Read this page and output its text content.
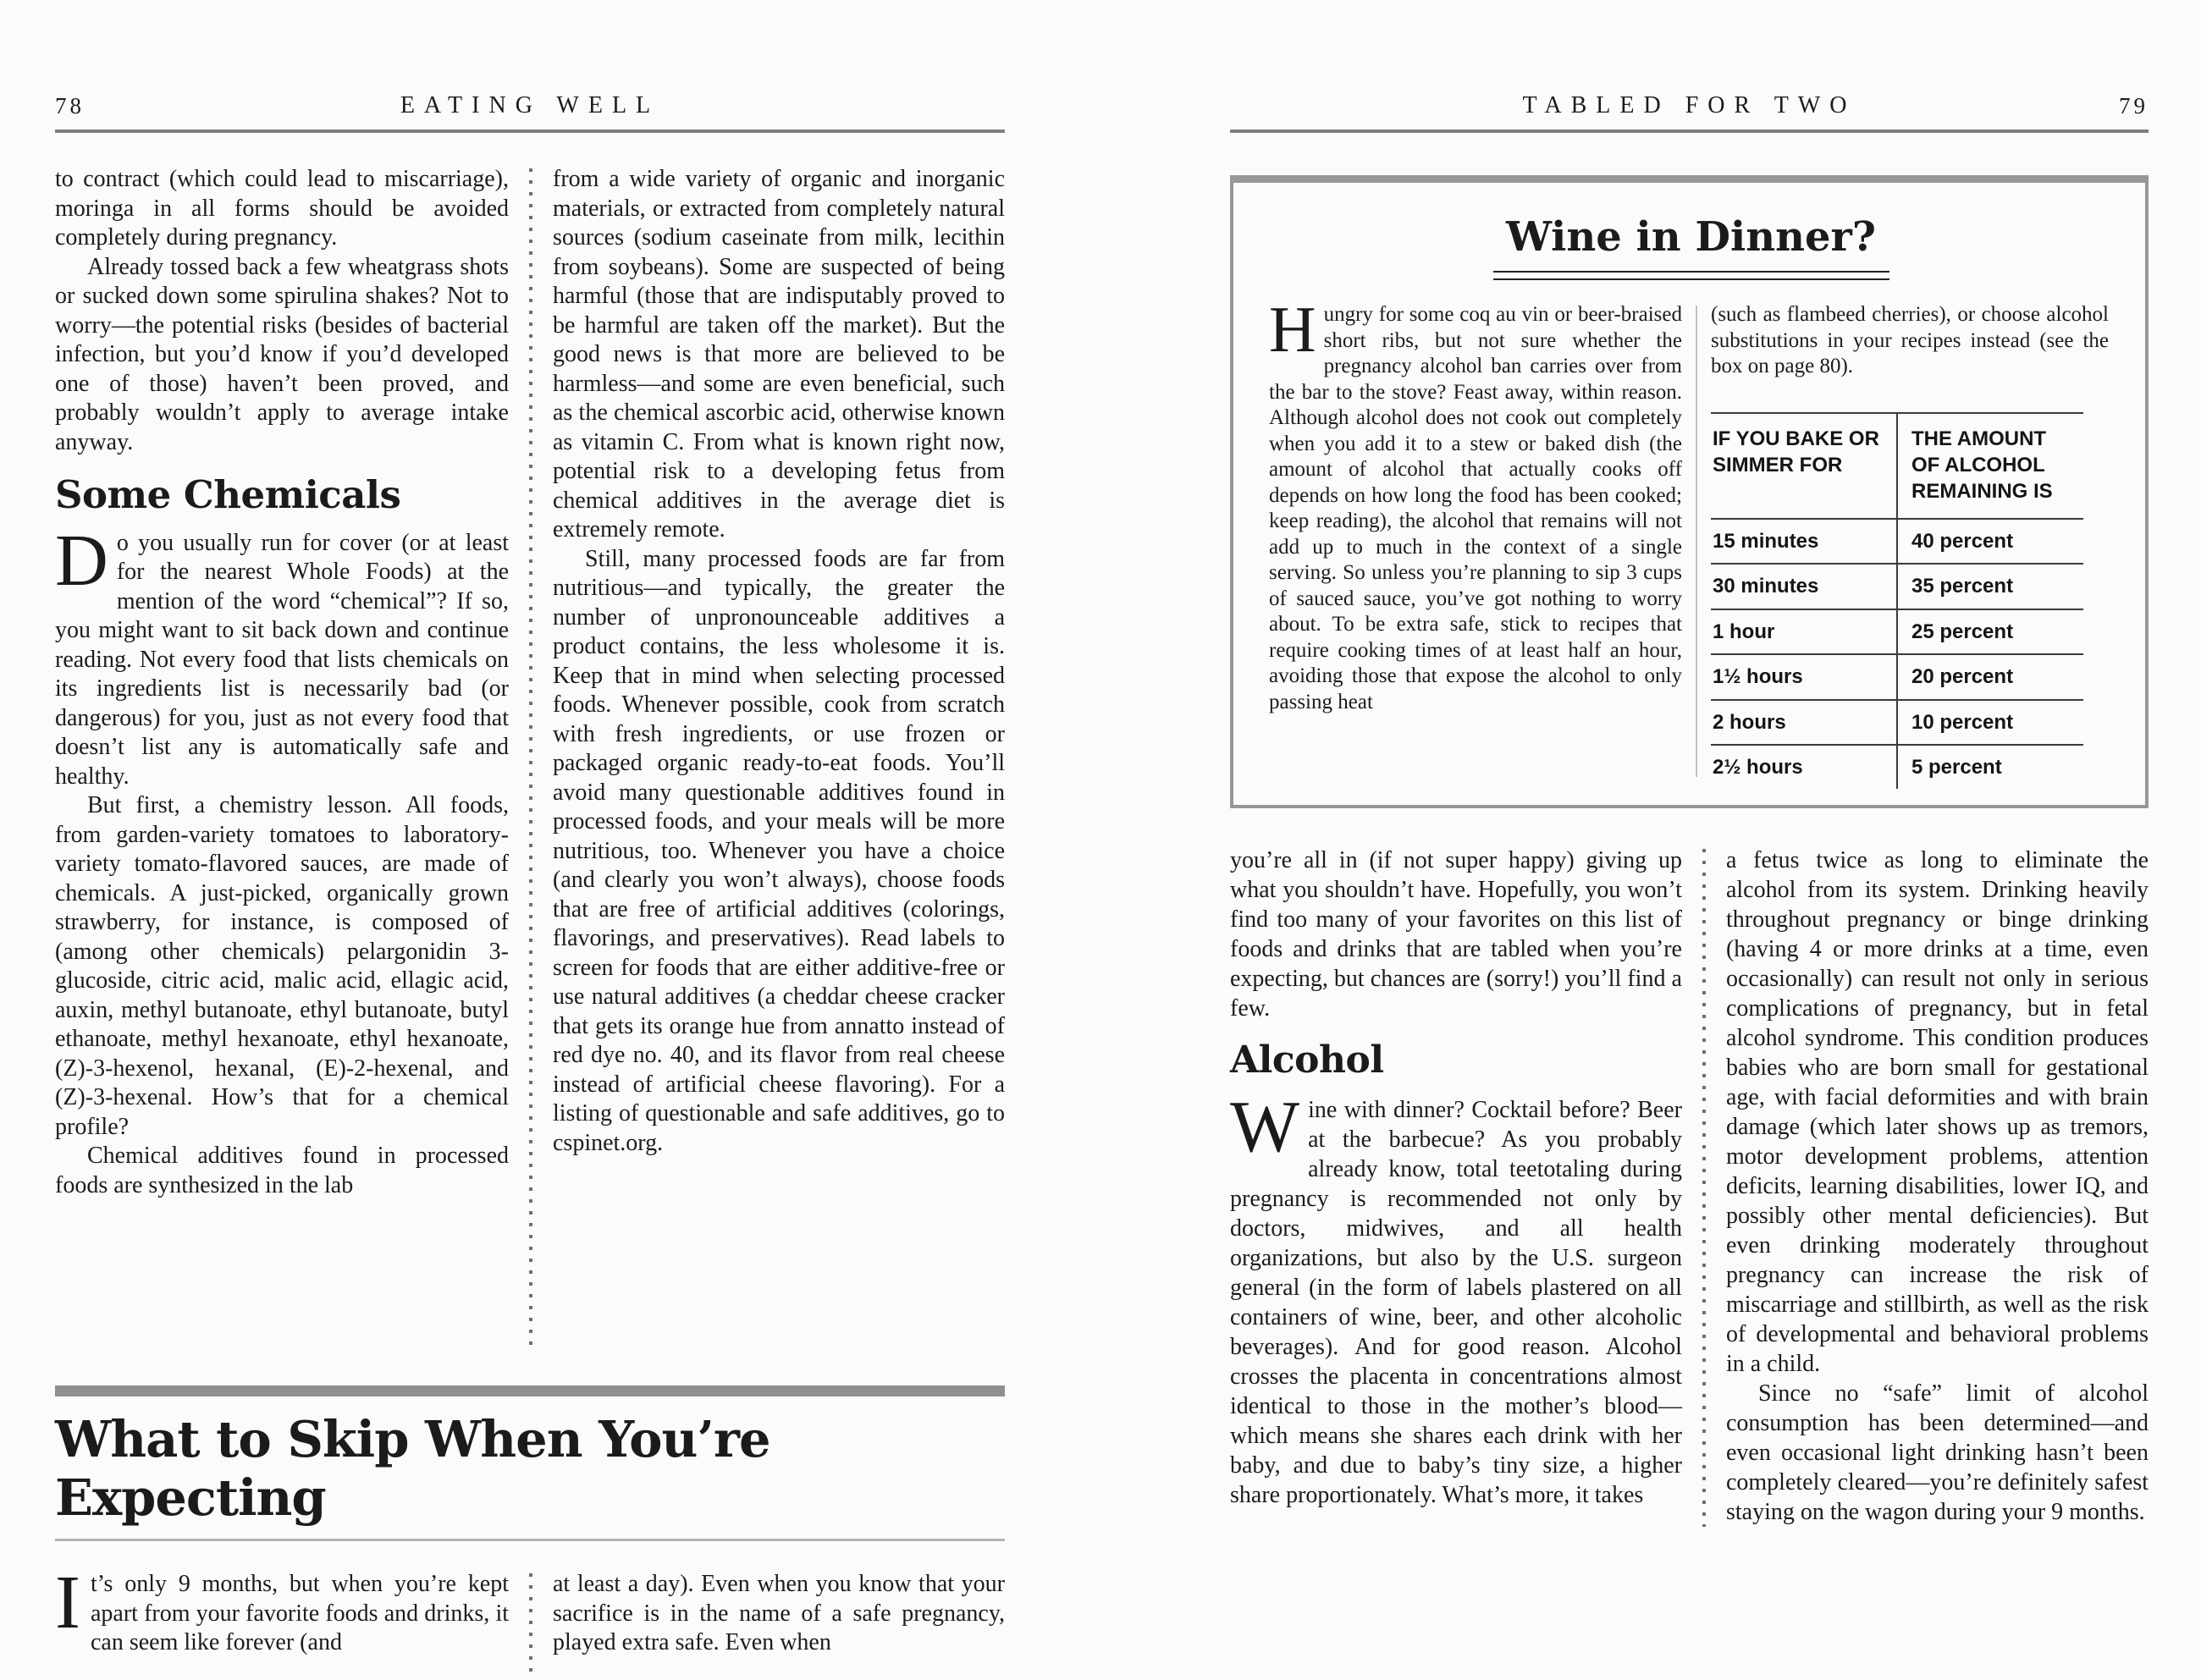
78	EATING WELL

to contract (which could lead to miscarriage), moringa in all forms should be avoided completely during pregnancy.

Already tossed back a few wheatgrass shots or sucked down some spirulina shakes? Not to worry—the potential risks (besides of bacterial infection, but you’d know if you’d developed one of those) haven’t been proved, and probably wouldn’t apply to average intake anyway.

Some Chemicals

Do you usually run for cover (or at least for the nearest Whole Foods) at the mention of the word “chemical”? If so, you might want to sit back down and continue reading. Not every food that lists chemicals on its ingredients list is necessarily bad (or dangerous) for you, just as not every food that doesn’t list any is automatically safe and healthy.

But first, a chemistry lesson. All foods, from garden-variety tomatoes to laboratory-variety tomato-flavored sauces, are made of chemicals. A just-picked, organically grown strawberry, for instance, is composed of (among other chemicals) pelargonidin 3-glucoside, citric acid, malic acid, ellagic acid, auxin, methyl butanoate, ethyl butanoate, butyl ethanoate, methyl hexanoate, ethyl hexanoate, (Z)-3-hexenol, hexanal, (E)-2-hexenal, and (Z)-3-hexenal. How’s that for a chemical profile?

Chemical additives found in processed foods are synthesized in the lab

from a wide variety of organic and inorganic materials, or extracted from completely natural sources (sodium caseinate from milk, lecithin from soybeans). Some are suspected of being harmful (those that are indisputably proved to be harmful are taken off the market). But the good news is that more are believed to be harmless—and some are even beneficial, such as the chemical ascorbic acid, otherwise known as vitamin C. From what is known right now, potential risk to a developing fetus from chemical additives in the average diet is extremely remote.

Still, many processed foods are far from nutritious—and typically, the greater the number of unpronounceable additives a product contains, the less wholesome it is. Keep that in mind when selecting processed foods. Whenever possible, cook from scratch with fresh ingredients, or use frozen or packaged organic ready-to-eat foods. You’ll avoid many questionable additives found in processed foods, and your meals will be more nutritious, too. Whenever you have a choice (and clearly you won’t always), choose foods that are free of artificial additives (colorings, flavorings, and preservatives). Read labels to screen for foods that are either additive-free or use natural additives (a cheddar cheese cracker that gets its orange hue from annatto instead of red dye no. 40, and its flavor from real cheese instead of artificial cheese flavoring). For a listing of questionable and safe additives, go to cspinet.org.

What to Skip When You’re Expecting

It’s only 9 months, but when you’re kept apart from your favorite foods and drinks, it can seem like forever (and

at least a day). Even when you know that your sacrifice is in the name of a safe pregnancy, played extra safe. Even when

TABLED FOR TWO	79
Wine in Dinner?

Hungry for some coq au vin or beer-braised short ribs, but not sure whether the pregnancy alcohol ban carries over from the bar to the stove? Feast away, within reason. Although alcohol does not cook out completely when you add it to a stew or baked dish (the amount of alcohol that actually cooks off depends on how long the food has been cooked; keep reading), the alcohol that remains will not add up to much in the context of a single serving. So unless you’re planning to sip 3 cups of sauced sauce, you’ve got nothing to worry about. To be extra safe, stick to recipes that require cooking times of at least half an hour, avoiding those that expose the alcohol to only passing heat

(such as flambeed cherries), or choose alcohol substitutions in your recipes instead (see the box on page 80).

IF YOU BAKE OR SIMMER FOR	THE AMOUNT OF ALCOHOL REMAINING IS
15 minutes	40 percent
30 minutes	35 percent
1 hour	25 percent
1½ hours	20 percent
2 hours	10 percent
2½ hours	5 percent

you’re all in (if not super happy) giving up what you shouldn’t have. Hopefully, you won’t find too many of your favorites on this list of foods and drinks that are tabled when you’re expecting, but chances are (sorry!) you’ll find a few.

Alcohol

Wine with dinner? Cocktail before? Beer at the barbecue? As you probably already know, total teetotaling during pregnancy is recommended not only by doctors, midwives, and all health organizations, but also by the U.S. surgeon general (in the form of labels plastered on all containers of wine, beer, and other alcoholic beverages). And for good reason. Alcohol crosses the placenta in concentrations almost identical to those in the mother’s blood—which means she shares each drink with her baby, and due to baby’s tiny size, a higher share proportionately. What’s more, it takes

a fetus twice as long to eliminate the alcohol from its system. Drinking heavily throughout pregnancy or binge drinking (having 4 or more drinks at a time, even occasionally) can result not only in serious complications of pregnancy, but in fetal alcohol syndrome. This condition produces babies who are born small for gestational age, with facial deformities and with brain damage (which later shows up as tremors, motor development problems, attention deficits, learning disabilities, lower IQ, and possibly other mental deficiencies). But even drinking moderately throughout pregnancy can increase the risk of miscarriage and stillbirth, as well as the risk of developmental and behavioral problems in a child.

Since no “safe” limit of alcohol consumption has been determined—and even occasional light drinking hasn’t been completely cleared—you’re definitely safest staying on the wagon during your 9 months.
